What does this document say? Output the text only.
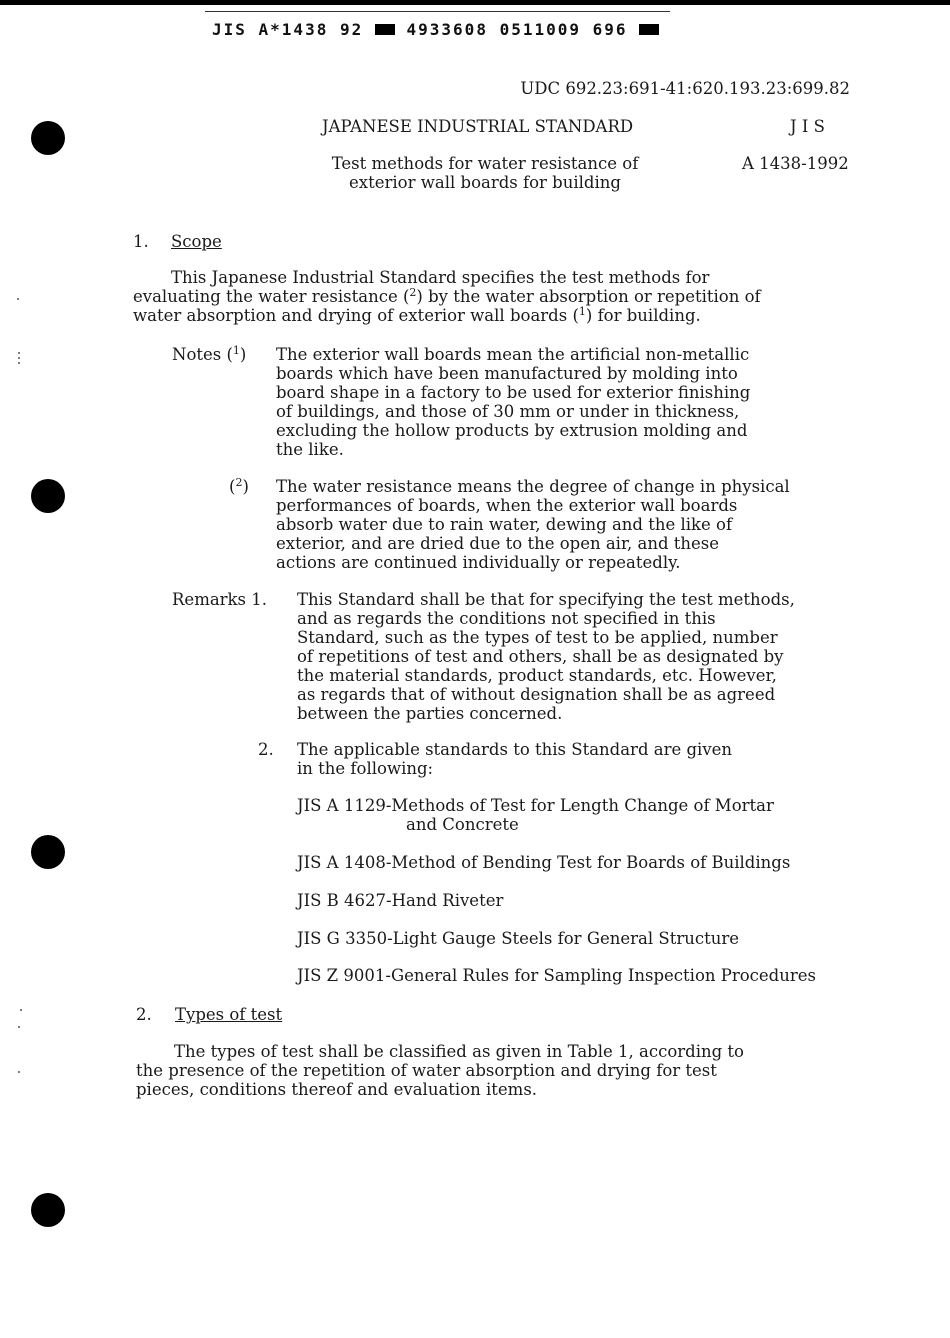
JIS A*1438 92	4933608 0511009 696
UDC 692.23:691-41:620.193.23:699.82
JAPANESE INDUSTRIAL STANDARD	J I S
Test methods for water resistance of
exterior wall boards for building
A 1438-1992
1. Scope
This Japanese Industrial Standard specifies the test methods for
evaluating the water resistance ($^2$) by the water absorption or repetition of
water absorption and drying of exterior wall boards ($^1$) for building.
Notes ($^1$) The exterior wall boards mean the artificial non-metallic
boards which have been manufactured by molding into
board shape in a factory to be used for exterior finishing
of buildings, and those of 30 mm or under in thickness,
excluding the hollow products by extrusion molding and
the like.
($^2$) The water resistance means the degree of change in physical
performances of boards, when the exterior wall boards
absorb water due to rain water, dewing and the like of
exterior, and are dried due to the open air, and these
actions are continued individually or repeatedly.
Remarks 1. This Standard shall be that for specifying the test methods,
and as regards the conditions not specified in this
Standard, such as the types of test to be applied, number
of repetitions of test and others, shall be as designated by
the material standards, product standards, etc. However,
as regards that of without designation shall be as agreed
between the parties concerned.
2. The applicable standards to this Standard are given
in the following:
JIS A 1129-Methods of Test for Length Change of Mortar
and Concrete
JIS A 1408-Method of Bending Test for Boards of Buildings
JIS B 4627-Hand Riveter
JIS G 3350-Light Gauge Steels for General Structure
JIS Z 9001-General Rules for Sampling Inspection Procedures
2. Types of test
The types of test shall be classified as given in Table 1, according to
the presence of the repetition of water absorption and drying for test
pieces, conditions thereof and evaluation items.
